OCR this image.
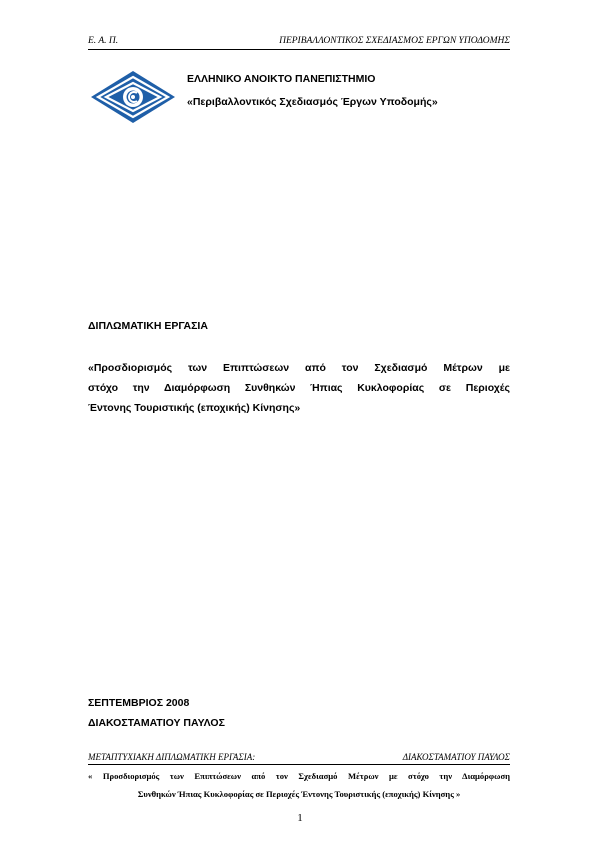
Ε. Α. Π.	ΠΕΡΙΒΑΛΛΟΝΤΙΚΟΣ ΣΧΕΔΙΑΣΜΟΣ ΕΡΓΩΝ ΥΠΟΔΟΜΗΣ
ΕΛΛΗΝΙΚΟ ΑΝΟΙΚΤΟ ΠΑΝΕΠΙΣΤΗΜΙΟ
«Περιβαλλοντικός Σχεδιασμός Έργων Υποδομής»
ΔΙΠΛΩΜΑΤΙΚΗ ΕΡΓΑΣΙΑ
«Προσδιορισμός των Επιπτώσεων από τον Σχεδιασμό Μέτρων με
στόχο την Διαμόρφωση Συνθηκών Ήπιας Κυκλοφορίας σε Περιοχές
Έντονης Τουριστικής (εποχικής) Κίνησης»
ΣΕΠΤΕΜΒΡΙΟΣ 2008
ΔΙΑΚΟΣΤΑΜΑΤΙΟΥ ΠΑΥΛΟΣ
ΜΕΤΑΠΤΥΧΙΑΚΗ ΔΙΠΛΩΜΑΤΙΚΗ ΕΡΓΑΣΙΑ:	ΔΙΑΚΟΣΤΑΜΑΤΙΟΥ ΠΑΥΛΟΣ
« Προσδιορισμός των Επιπτώσεων από τον Σχεδιασμό Μέτρων με στόχο την Διαμόρφωση
Συνθηκών Ήπιας Κυκλοφορίας σε Περιοχές Έντονης Τουριστικής (εποχικής) Κίνησης »
1
